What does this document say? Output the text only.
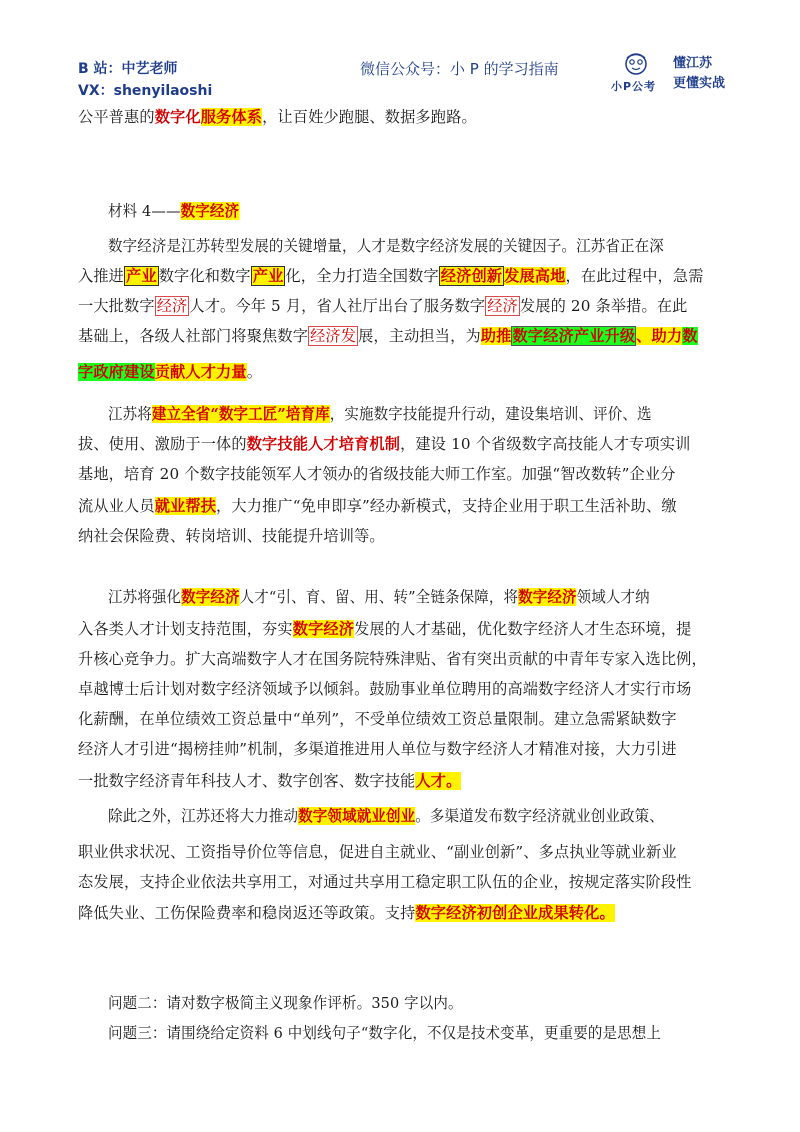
B 站：中艺老师
VX：shenyilaoshi
微信公众号：小 P 的学习指南
小P公考
懂江苏
更懂实战
公平普惠的数字化服务体系，让百姓少跑腿、数据多跑路。
材料 4——数字经济
数字经济是江苏转型发展的关键增量，人才是数字经济发展的关键因子。江苏省正在深
入推进 产业 数字化和数字 产业 化，全力打造全国数字 经济创新 发展高地，在此过程中，急需
一大批数字 经济 人才。今年 5 月，省人社厅出台了服务数字 经济 发展的 20 条举措。在此
基础上，各级人社部门将聚焦数字 经济发 展，主动担当，为助推数字经济产业升级、助力数
字政府建设贡献人才力量。
江苏将建立全省“数字工匠”培育库，实施数字技能提升行动，建设集培训、评价、选
拔、使用、激励于一体的数字技能人才培育机制，建设 10 个省级数字高技能人才专项实训
基地，培育 20 个数字技能领军人才领办的省级技能大师工作室。加强“智改数转”企业分
流从业人员就业帮扶，大力推广“免申即享”经办新模式，支持企业用于职工生活补助、缴
纳社会保险费、转岗培训、技能提升培训等。
江苏将强化数字经济人才“引、育、留、用、转”全链条保障，将数字经济领域人才纳
入各类人才计划支持范围，夯实数字经济发展的人才基础，优化数字经济人才生态环境，提
升核心竞争力。扩大高端数字人才在国务院特殊津贴、省有突出贡献的中青年专家入选比例，
卓越博士后计划对数字经济领域予以倾斜。鼓励事业单位聘用的高端数字经济人才实行市场
化薪酬，在单位绩效工资总量中“单列”，不受单位绩效工资总量限制。建立急需紧缺数字
经济人才引进“揭榜挂帅”机制，多渠道推进用人单位与数字经济人才精准对接，大力引进
一批数字经济青年科技人才、数字创客、数字技能人才。
除此之外，江苏还将大力推动数字领域就业创业。多渠道发布数字经济就业创业政策、
职业供求状况、工资指导价位等信息，促进自主就业、“副业创新”、多点执业等就业新业
态发展，支持企业依法共享用工，对通过共享用工稳定职工队伍的企业，按规定落实阶段性
降低失业、工伤保险费率和稳岗返还等政策。支持数字经济初创企业成果转化。
问题二：请对数字极简主义现象作评析。350 字以内。
问题三：请围绕给定资料 6 中划线句子“数字化，不仅是技术变革，更重要的是思想上
